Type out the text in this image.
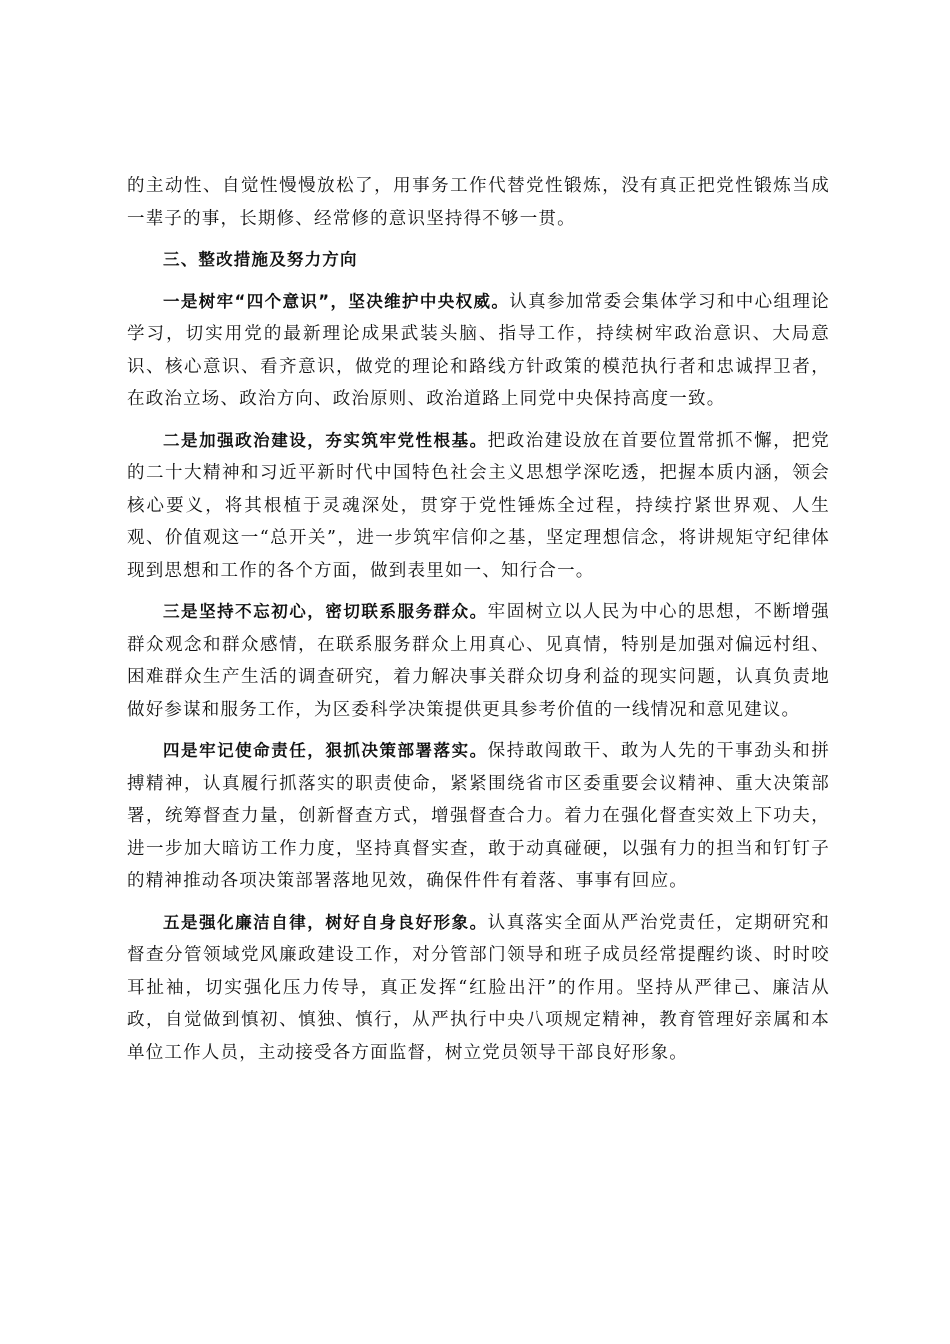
的主动性、自觉性慢慢放松了，用事务工作代替党性锻炼，没有真正把党性锻炼当成一辈子的事，长期修、经常修的意识坚持得不够一贯。

三、整改措施及努力方向

一是树牢“四个意识”，坚决维护中央权威。认真参加常委会集体学习和中心组理论学习，切实用党的最新理论成果武装头脑、指导工作，持续树牢政治意识、大局意识、核心意识、看齐意识，做党的理论和路线方针政策的模范执行者和忠诚捍卫者，在政治立场、政治方向、政治原则、政治道路上同党中央保持高度一致。

二是加强政治建设，夯实筑牢党性根基。把政治建设放在首要位置常抓不懈，把党的二十大精神和习近平新时代中国特色社会主义思想学深吃透，把握本质内涵，领会核心要义，将其根植于灵魂深处，贯穿于党性锤炼全过程，持续拧紧世界观、人生观、价值观这一“总开关”，进一步筑牢信仰之基，坚定理想信念，将讲规矩守纪律体现到思想和工作的各个方面，做到表里如一、知行合一。

三是坚持不忘初心，密切联系服务群众。牢固树立以人民为中心的思想，不断增强群众观念和群众感情，在联系服务群众上用真心、见真情，特别是加强对偏远村组、困难群众生产生活的调查研究，着力解决事关群众切身利益的现实问题，认真负责地做好参谋和服务工作，为区委科学决策提供更具参考价值的一线情况和意见建议。

四是牢记使命责任，狠抓决策部署落实。保持敢闯敢干、敢为人先的干事劲头和拼搏精神，认真履行抓落实的职责使命，紧紧围绕省市区委重要会议精神、重大决策部署，统筹督查力量，创新督查方式，增强督查合力。着力在强化督查实效上下功夫，进一步加大暗访工作力度，坚持真督实查，敢于动真碰硬，以强有力的担当和钉钉子的精神推动各项决策部署落地见效，确保件件有着落、事事有回应。

五是强化廉洁自律，树好自身良好形象。认真落实全面从严治党责任，定期研究和督查分管领域党风廉政建设工作，对分管部门领导和班子成员经常提醒约谈、时时咬耳扯袖，切实强化压力传导，真正发挥“红脸出汗”的作用。坚持从严律己、廉洁从政，自觉做到慎初、慎独、慎行，从严执行中央八项规定精神，教育管理好亲属和本单位工作人员，主动接受各方面监督，树立党员领导干部良好形象。
